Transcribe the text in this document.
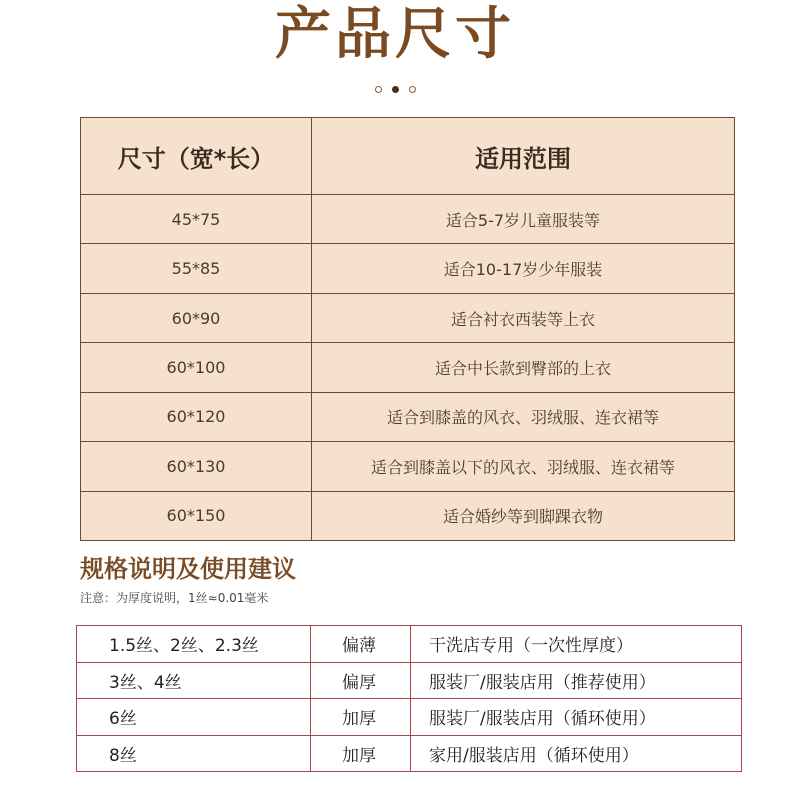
产品尺寸

尺寸（宽*长）	适用范围
45*75	适合5-7岁儿童服装等
55*85	适合10-17岁少年服装
60*90	适合衬衣西装等上衣
60*100	适合中长款到臀部的上衣
60*120	适合到膝盖的风衣、羽绒服、连衣裙等
60*130	适合到膝盖以下的风衣、羽绒服、连衣裙等
60*150	适合婚纱等到脚踝衣物
规格说明及使用建议
注意：为厚度说明，1丝≈0.01毫米
1.5丝、2丝、2.3丝	偏薄	干洗店专用（一次性厚度）
3丝、4丝	偏厚	服装厂/服装店用（推荐使用）
6丝	加厚	服装厂/服装店用（循环使用）
8丝	加厚	家用/服装店用（循环使用）
